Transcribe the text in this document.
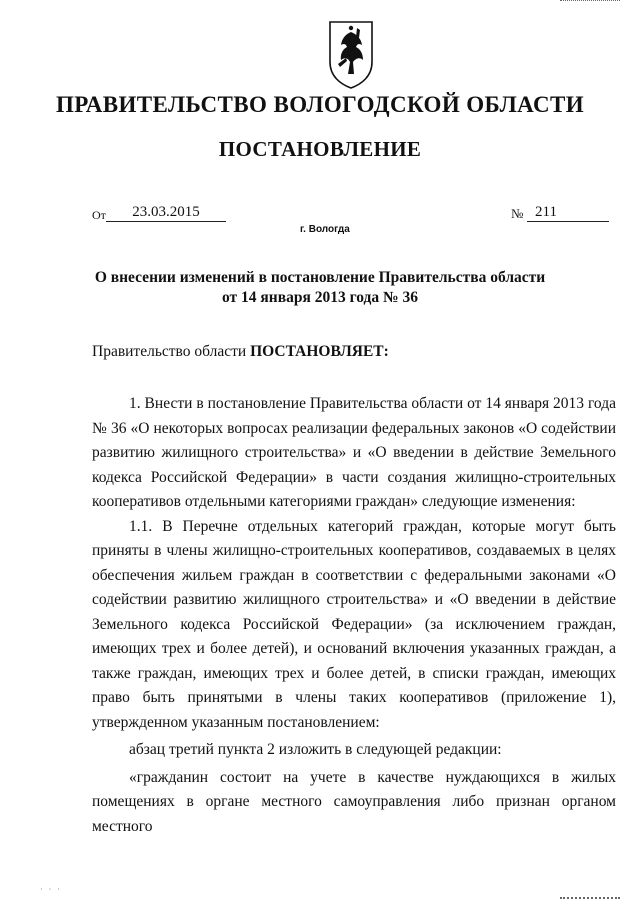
ПРАВИТЕЛЬСТВО ВОЛОГОДСКОЙ ОБЛАСТИ
ПОСТАНОВЛЕНИЕ
От	23.03.2015	№ 211
г. Вологда
О внесении изменений в постановление Правительства области
от 14 января 2013 года № 36
Правительство области ПОСТАНОВЛЯЕТ:

1. Внести в постановление Правительства области от 14 января 2013 года № 36 «О некоторых вопросах реализации федеральных законов «О содействии развитию жилищного строительства» и «О введении в действие Земельного кодекса Российской Федерации» в части создания жилищно-строительных кооперативов отдельными категориями граждан» следующие изменения:

1.1. В Перечне отдельных категорий граждан, которые могут быть приняты в члены жилищно-строительных кооперативов, создаваемых в целях обеспечения жильем граждан в соответствии с федеральными законами «О содействии развитию жилищного строительства» и «О введении в действие Земельного кодекса Российской Федерации» (за исключением граждан, имеющих трех и более детей), и оснований включения указанных граждан, а также граждан, имеющих трех и более детей, в списки граждан, имеющих право быть принятыми в члены таких кооперативов (приложение 1), утвержденном указанным постановлением:

абзац третий пункта 2 изложить в следующей редакции:

«гражданин состоит на учете в качестве нуждающихся в жилых помещениях в органе местного самоуправления либо признан органом местного

· · ·
